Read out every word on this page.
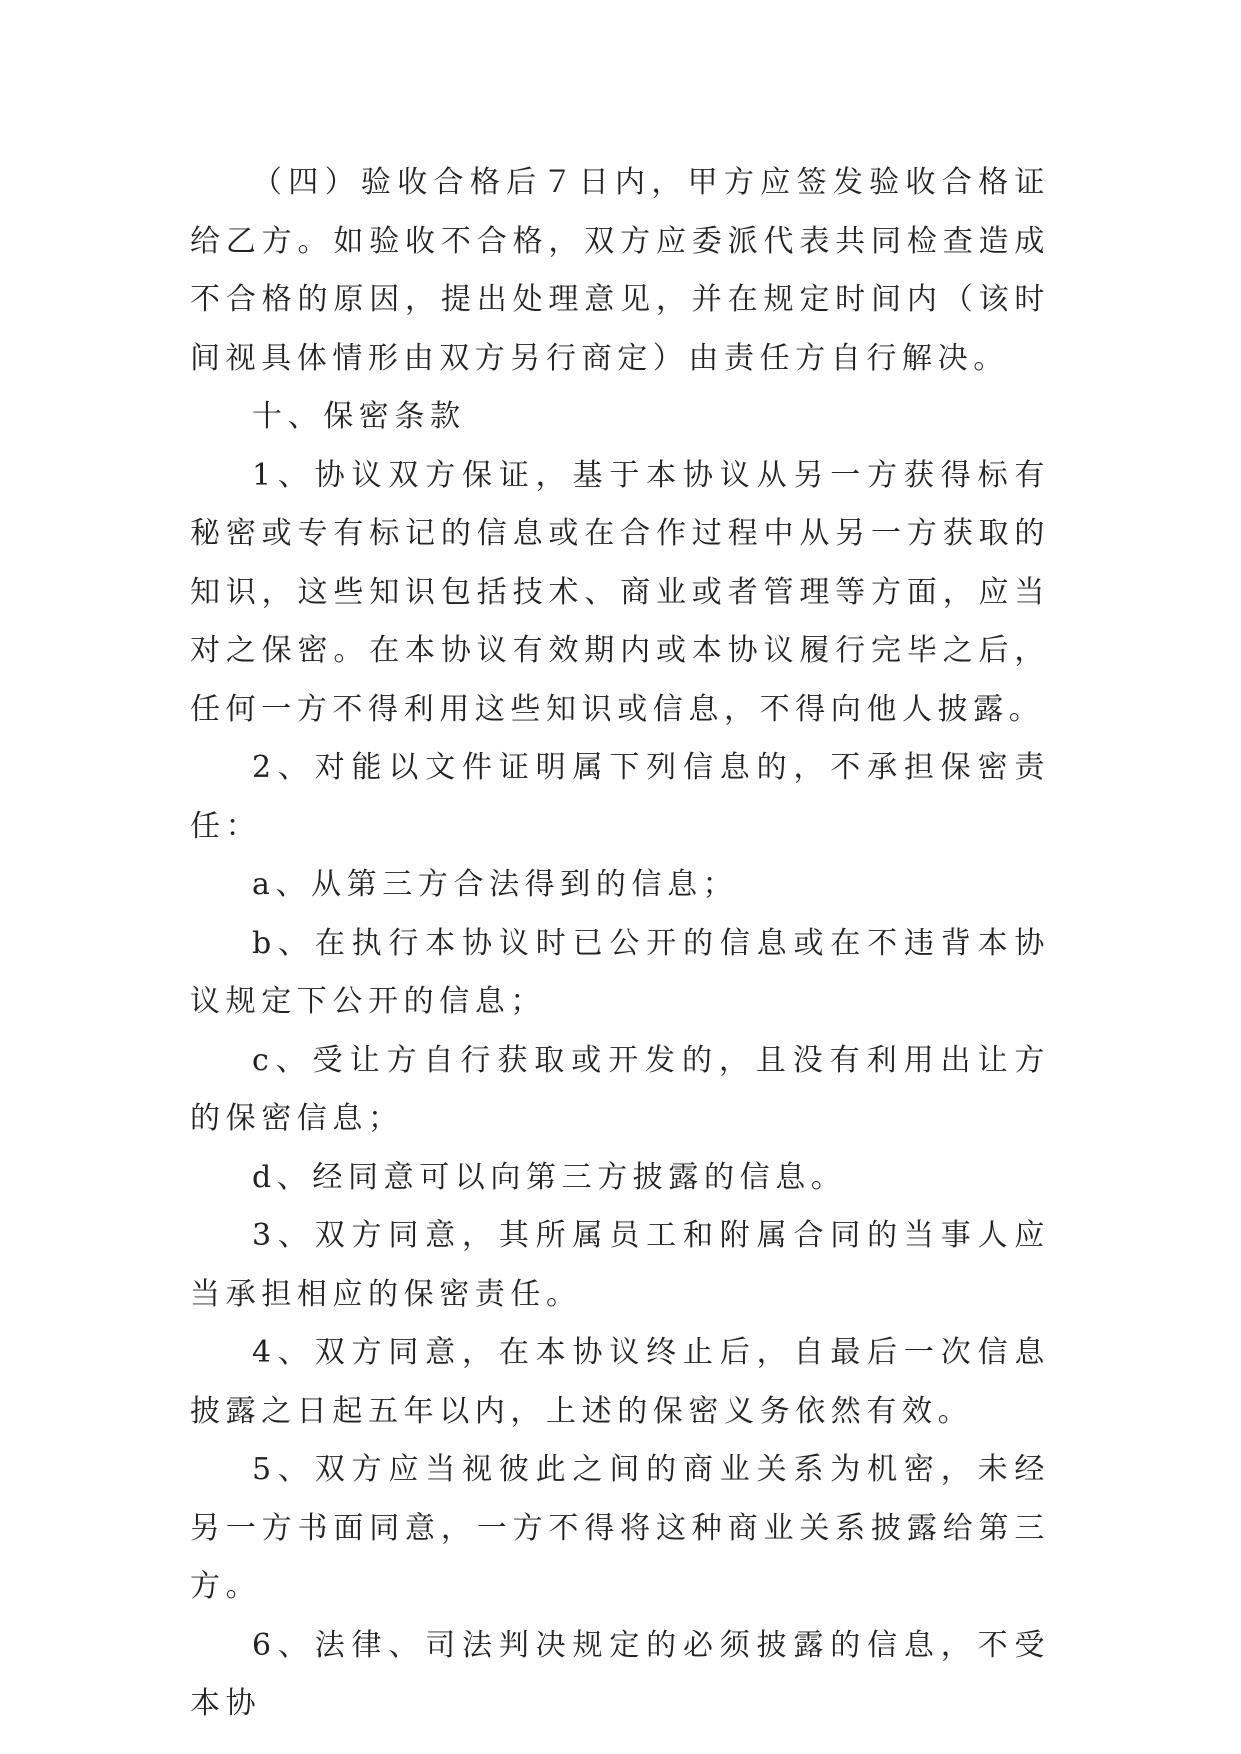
（四）验收合格后７日内，甲方应签发验收合格证给乙方。如验收不合格，双方应委派代表共同检查造成不合格的原因，提出处理意见，并在规定时间内（该时间视具体情形由双方另行商定）由责任方自行解决。

十、保密条款

1、协议双方保证，基于本协议从另一方获得标有秘密或专有标记的信息或在合作过程中从另一方获取的知识，这些知识包括技术、商业或者管理等方面，应当对之保密。在本协议有效期内或本协议履行完毕之后，任何一方不得利用这些知识或信息，不得向他人披露。

2、对能以文件证明属下列信息的，不承担保密责任：

a、从第三方合法得到的信息；

b、在执行本协议时已公开的信息或在不违背本协议规定下公开的信息；

c、受让方自行获取或开发的，且没有利用出让方的保密信息；

d、经同意可以向第三方披露的信息。

3、双方同意，其所属员工和附属合同的当事人应当承担相应的保密责任。

4、双方同意，在本协议终止后，自最后一次信息披露之日起五年以内，上述的保密义务依然有效。

5、双方应当视彼此之间的商业关系为机密，未经另一方书面同意，一方不得将这种商业关系披露给第三方。

6、法律、司法判决规定的必须披露的信息，不受本协
